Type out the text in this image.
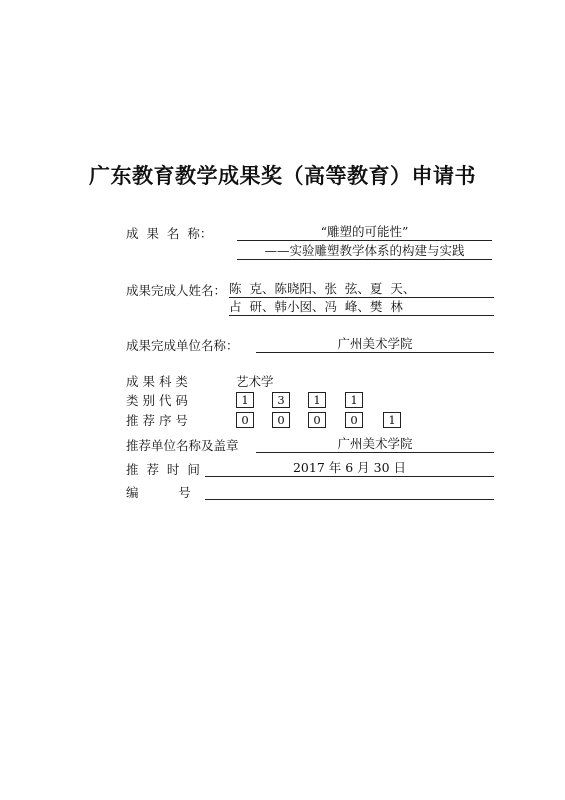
广东教育教学成果奖（高等教育）申请书
成  果  名  称：	“雕塑的可能性”
——实验雕塑教学体系的构建与实践
成果完成人姓名： 陈  克、陈晓阳、张  弦、夏  天、
占  研、韩小囡、冯  峰、樊  林
成果完成单位名称：	广州美术学院
成 果 科 类	艺术学
类 别 代 码	1	3	1	1
推 荐 序 号	0	0	0	0	1
推荐单位名称及盖章	广州美术学院
推  荐  时  间	2017 年 6 月 30 日
编          号
